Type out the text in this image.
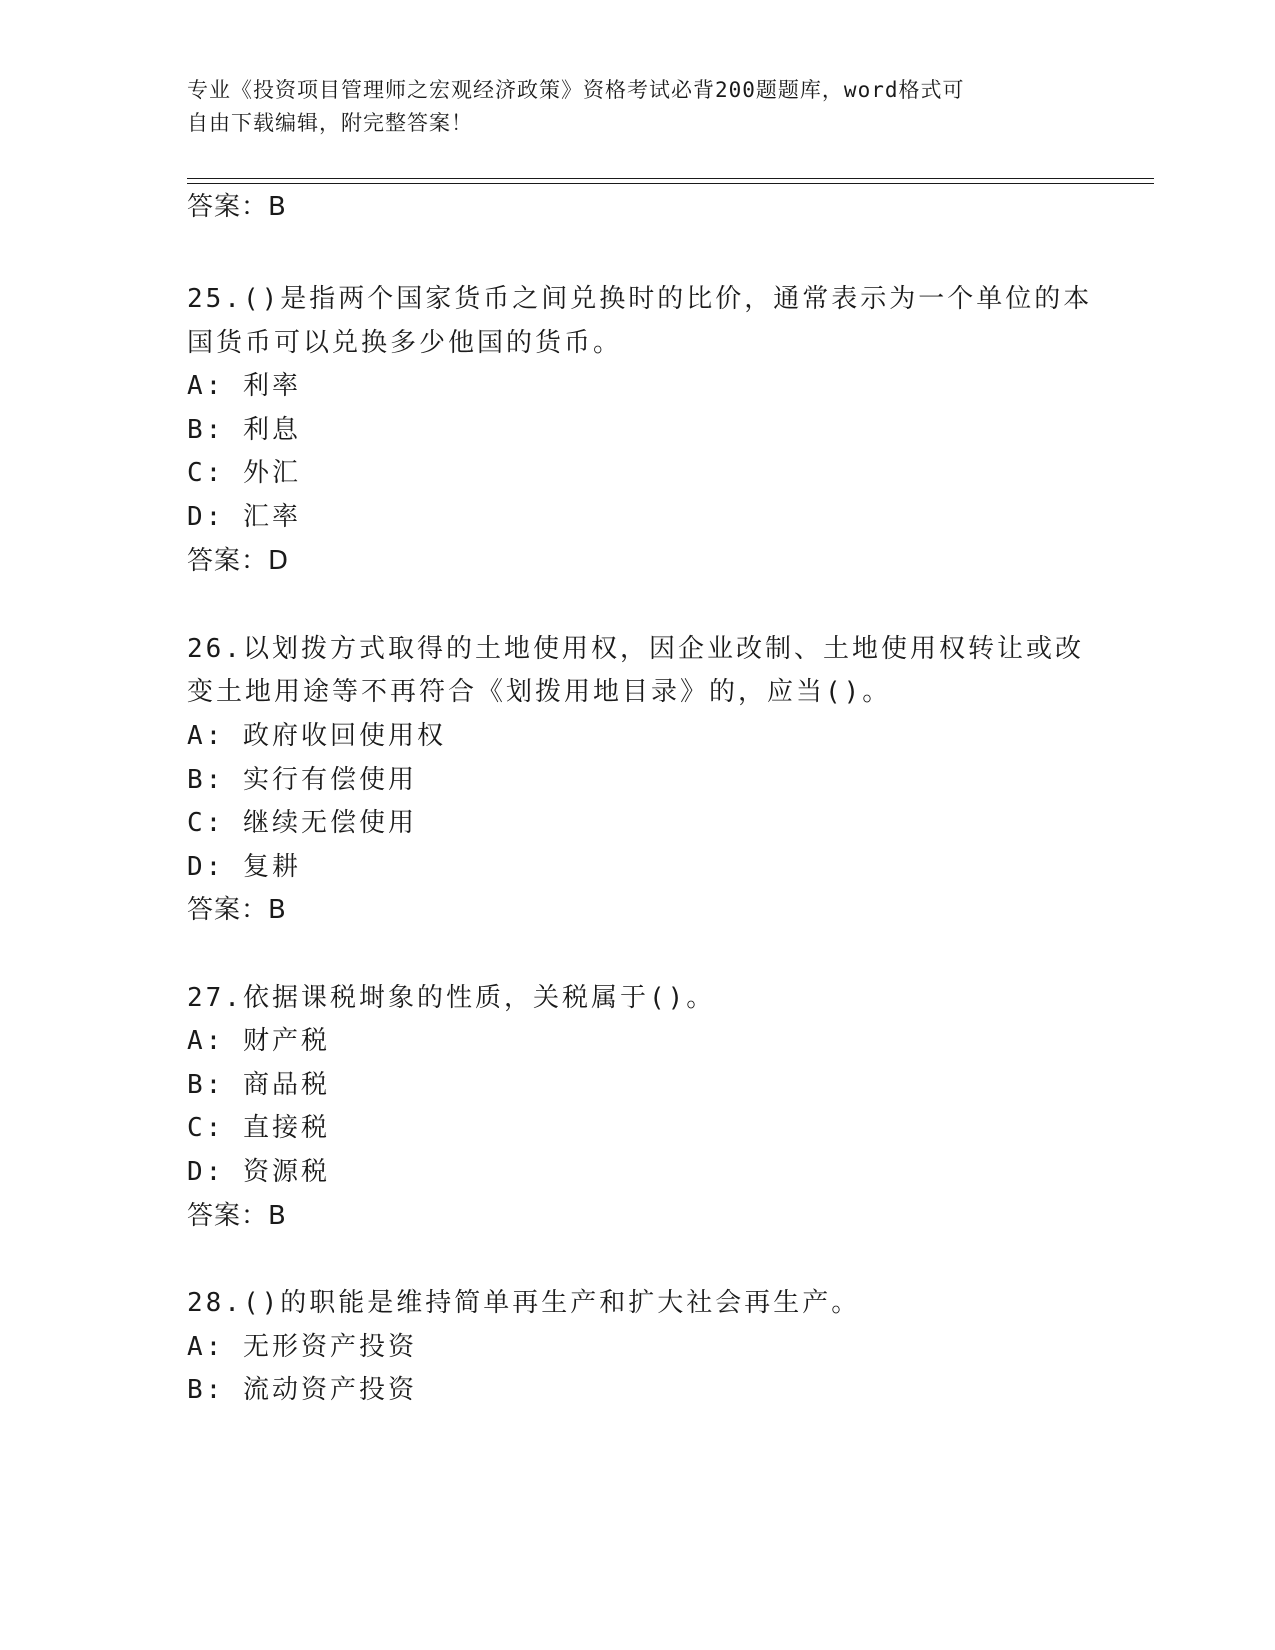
专业《投资项目管理师之宏观经济政策》资格考试必背200题题库，word格式可
自由下载编辑，附完整答案！
答案：B
25.()是指两个国家货币之间兑换时的比价，通常表示为一个单位的本
国货币可以兑换多少他国的货币。
A: 利率
B: 利息
C: 外汇
D: 汇率
答案：D
26.以划拨方式取得的土地使用权，因企业改制、土地使用权转让或改
变土地用途等不再符合《划拨用地目录》的，应当()。
A: 政府收回使用权
B: 实行有偿使用
C: 继续无偿使用
D: 复耕
答案：B
27.依据课税埘象的性质，关税属于()。
A: 财产税
B: 商品税
C: 直接税
D: 资源税
答案：B
28.()的职能是维持简单再生产和扩大社会再生产。
A: 无形资产投资
B: 流动资产投资
